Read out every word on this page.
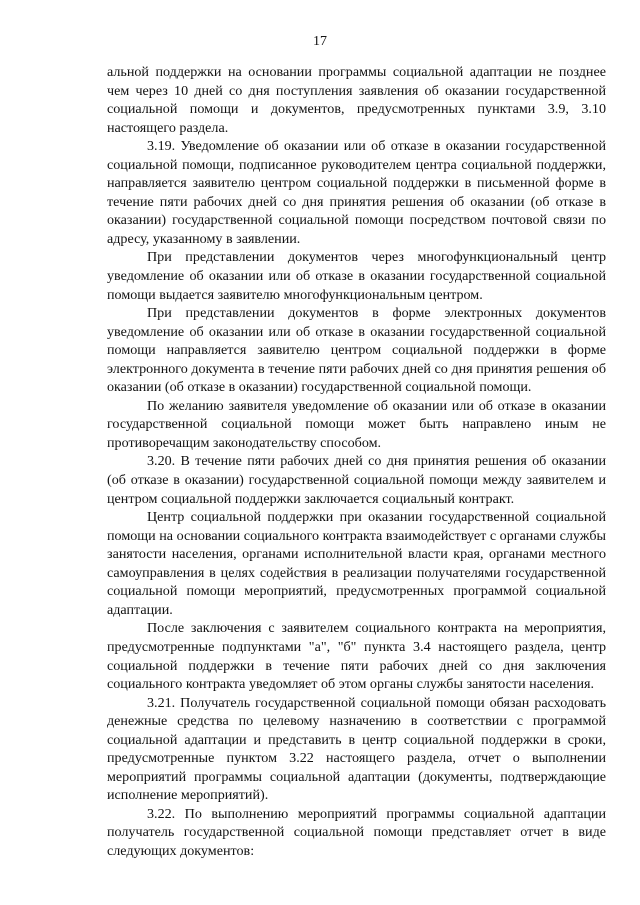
17

альной поддержки на основании программы социальной адаптации не позднее чем через 10 дней со дня поступления заявления об оказании государственной социальной помощи и документов, предусмотренных пунктами 3.9, 3.10 настоящего раздела.

3.19. Уведомление об оказании или об отказе в оказании государственной социальной помощи, подписанное руководителем центра социальной поддержки, направляется заявителю центром социальной поддержки в письменной форме в течение пяти рабочих дней со дня принятия решения об оказании (об отказе в оказании) государственной социальной помощи посредством почтовой связи по адресу, указанному в заявлении.

При представлении документов через многофункциональный центр уведомление об оказании или об отказе в оказании государственной социальной помощи выдается заявителю многофункциональным центром.

При представлении документов в форме электронных документов уведомление об оказании или об отказе в оказании государственной социальной помощи направляется заявителю центром социальной поддержки в форме электронного документа в течение пяти рабочих дней со дня принятия решения об оказании (об отказе в оказании) государственной социальной помощи.

По желанию заявителя уведомление об оказании или об отказе в оказании государственной социальной помощи может быть направлено иным не противоречащим законодательству способом.

3.20. В течение пяти рабочих дней со дня принятия решения об оказании (об отказе в оказании) государственной социальной помощи между заявителем и центром социальной поддержки заключается социальный контракт.

Центр социальной поддержки при оказании государственной социальной помощи на основании социального контракта взаимодействует с органами службы занятости населения, органами исполнительной власти края, органами местного самоуправления в целях содействия в реализации получателями государственной социальной помощи мероприятий, предусмотренных программой социальной адаптации.

После заключения с заявителем социального контракта на мероприятия, предусмотренные подпунктами "а", "б" пункта 3.4 настоящего раздела, центр социальной поддержки в течение пяти рабочих дней со дня заключения социального контракта уведомляет об этом органы службы занятости населения.

3.21. Получатель государственной социальной помощи обязан расходовать денежные средства по целевому назначению в соответствии с программой социальной адаптации и представить в центр социальной поддержки в сроки, предусмотренные пунктом 3.22 настоящего раздела, отчет о выполнении мероприятий программы социальной адаптации (документы, подтверждающие исполнение мероприятий).

3.22. По выполнению мероприятий программы социальной адаптации получатель государственной социальной помощи представляет отчет в виде следующих документов:
